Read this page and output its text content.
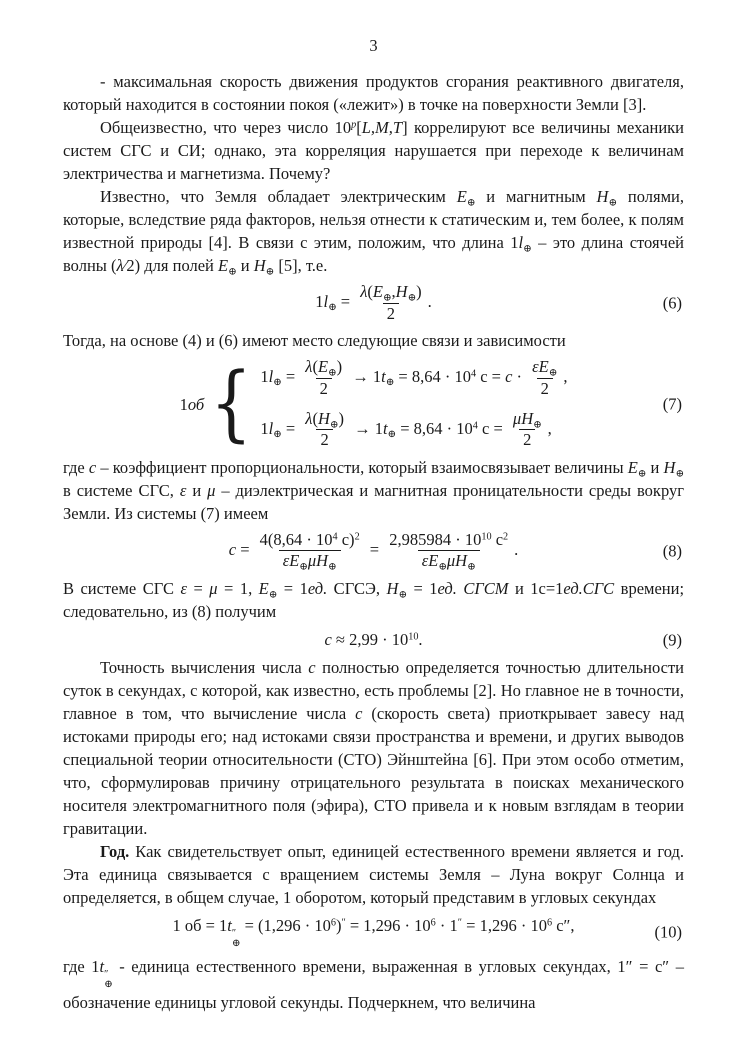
3

- максимальная скорость движения продуктов сгорания реактивного двигателя, который находится в состоянии покоя («лежит») в точке на поверхности Земли [3].

Общеизвестно, что через число 10$^p$[L,M,T] коррелируют все величины механики систем СГС и СИ; однако, эта корреляция нарушается при переходе к величинам электричества и магнетизма. Почему?

Известно, что Земля обладает электрическим $E_\oplus$ и магнитным $H_\oplus$ полями, которые, вследствие ряда факторов, нельзя отнести к статическим и, тем более, к полям известной природы [4]. В связи с этим, положим, что длина $1l_\oplus$ – это длина стоячей волны (λ⁄2) для полей $E_\oplus$ и $H_\oplus$ [5], т.е.

$1l_\oplus = \frac{\lambda(E_\oplus,H_\oplus)}{2}$ .	(6)

Тогда, на основе (4) и (6) имеют место следующие связи и зависимости

1об { $1l_\oplus = \frac{\lambda(E_\oplus)}{2} \to 1t_\oplus = 8,64 \cdot 10^4$ $с = c \cdot \frac{\varepsilon E_\oplus}{2}$ ,
$1l_\oplus = \frac{\lambda(H_\oplus)}{2} \to 1t_\oplus = 8,64 \cdot 10^4$ $с = \frac{\mu H_\oplus}{2}$ ,
(7)

где c – коэффициент пропорциональности, который взаимосвязывает величины $E_\oplus$ и $H_\oplus$ в системе СГС, ε и μ – диэлектрическая и магнитная проницательности среды вокруг Земли. Из системы (7) имеем

$c = \frac{4(8,64 \cdot 10^4 с)^2}{\varepsilon E_\oplus\mu H_\oplus} = \frac{2,985984 \cdot 10^{10} с^2}{\varepsilon E_\oplus\mu H_\oplus}$ .	(8)

В системе СГС ε = μ = 1, $E_\oplus = 1ед$. СГСЭ, $H_\oplus = 1ед$. СГСМ и 1с=1ед.СГС времени; следовательно, из (8) получим

$c \approx 2,99 \cdot 10^{10}$.	(9)

Точность вычисления числа c полностью определяется точностью длительности суток в секундах, с которой, как известно, есть проблемы [2]. Но главное не в точности, главное в том, что вычисление числа c (скорость света) приоткрывает завесу над истоками природы его; над истоками связи пространства и времени, и других выводов специальной теории относительности (СТО) Эйнштейна [6]. При этом особо отметим, что, сформулировав причину отрицательного результата в поисках механического носителя электромагнитного поля (эфира), СТО привела и к новым взглядам в теории гравитации.

Год. Как свидетельствует опыт, единицей естественного времени является и год. Эта единица связывается с вращением системы Земля – Луна вокруг Солнца и определяется, в общем случае, 1 оборотом, который представим в угловых секундах

1 об = 1t ″
⊕
= $(1,296 \cdot 10^6)'' = 1,296 \cdot 10^6 \cdot 1'' = 1,296 \cdot 10^6$ с″,	(10)

где 1t ″
⊕
- единица естественного времени, выраженная в угловых секундах, 1″ = с″ – обозначение единицы угловой секунды. Подчеркнем, что величина
